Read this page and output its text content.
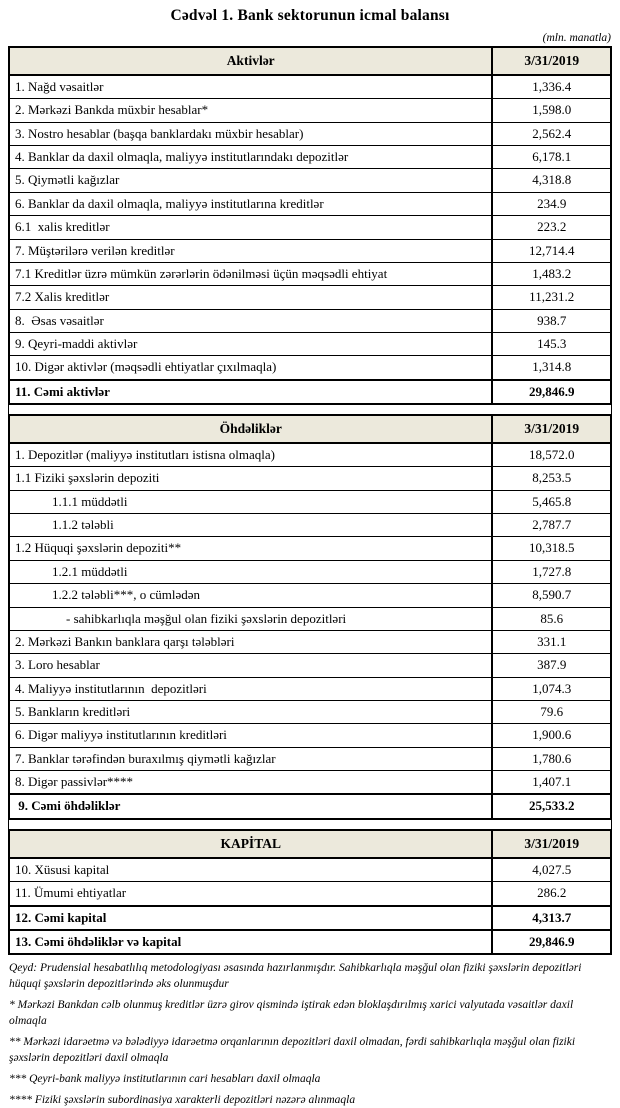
Cədvəl 1. Bank sektorunun icmal balansı
(mln. manatla)
Aktivlər	3/31/2019
1. Nağd vəsaitlər	1,336.4
2. Mərkəzi Bankda müxbir hesablar*	1,598.0
3. Nostro hesablar (başqa banklardakı müxbir hesablar)	2,562.4
4. Banklar da daxil olmaqla, maliyyə institutlarındakı depozitlər	6,178.1
5. Qiymətli kağızlar	4,318.8
6. Banklar da daxil olmaqla, maliyyə institutlarına kreditlər	234.9
6.1  xalis kreditlər	223.2
7. Müştərilərə verilən kreditlər	12,714.4
7.1 Kreditlər üzrə mümkün zərərlərin ödənilməsi üçün məqsədli ehtiyat	1,483.2
7.2 Xalis kreditlər	11,231.2
8.  Əsas vəsaitlər	938.7
9. Qeyri-maddi aktivlər	145.3
10. Digər aktivlər (məqsədli ehtiyatlar çıxılmaqla)	1,314.8
11. Cəmi aktivlər	29,846.9
Öhdəliklər	3/31/2019
1. Depozitlər (maliyyə institutları istisna olmaqla)	18,572.0
1.1 Fiziki şəxslərin depoziti	8,253.5
1.1.1 müddətli	5,465.8
1.1.2 tələbli	2,787.7
1.2 Hüquqi şəxslərin depoziti**	10,318.5
1.2.1 müddətli	1,727.8
1.2.2 tələbli***, o cümlədən	8,590.7
- sahibkarlıqla məşğul olan fiziki şəxslərin depozitləri	85.6
2. Mərkəzi Bankın banklara qarşı tələbləri	331.1
3. Loro hesablar	387.9
4. Maliyyə institutlarının  depozitləri	1,074.3
5. Bankların kreditləri	79.6
6. Digər maliyyə institutlarının kreditləri	1,900.6
7. Banklar tərəfindən buraxılmış qiymətli kağızlar	1,780.6
8. Digər passivlər****	1,407.1
9. Cəmi öhdəliklər	25,533.2
KAPİTAL	3/31/2019
10. Xüsusi kapital	4,027.5
11. Ümumi ehtiyatlar	286.2
12. Cəmi kapital	4,313.7
13. Cəmi öhdəliklər və kapital	29,846.9

Qeyd: Prudensial hesabatlılıq metodologiyası əsasında hazırlanmışdır. Sahibkarlıqla məşğul olan fiziki şəxslərin depozitləri hüquqi şəxslərin depozitlərində əks olunmuşdur

* Mərkəzi Bankdan cəlb olunmuş kreditlər üzrə girov qismində iştirak edən bloklaşdırılmış xarici valyutada vəsaitlər daxil olmaqla

** Mərkəzi idarəetmə və bələdiyyə idarəetmə orqanlarının depozitləri daxil olmadan, fərdi sahibkarlıqla məşğul olan fiziki şəxslərin depozitləri daxil olmaqla

*** Qeyri-bank maliyyə institutlarının cari hesabları daxil olmaqla

**** Fiziki şəxslərin subordinasiya xarakterli depozitləri nəzərə alınmaqla
